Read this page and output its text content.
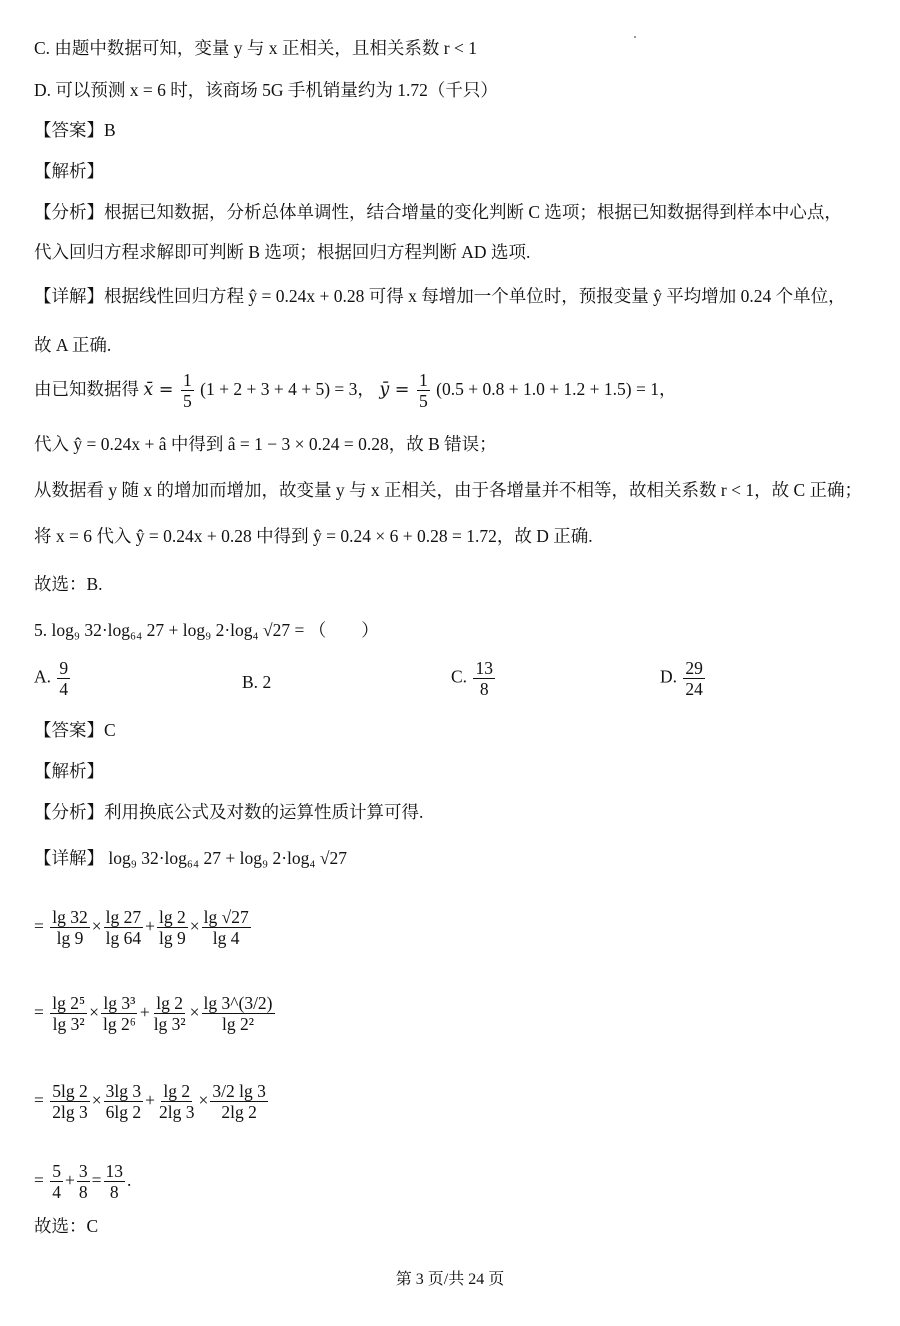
C. 由题中数据可知，变量 y 与 x 正相关，且相关系数 r < 1
D. 可以预测 x = 6 时，该商场 5G 手机销量约为 1.72（千只）
【答案】B
【解析】
【分析】根据已知数据，分析总体单调性，结合增量的变化判断 C 选项；根据已知数据得到样本中心点，
代入回归方程求解即可判断 B 选项；根据回归方程判断 AD 选项.
【详解】根据线性回归方程 ŷ = 0.24x + 0.28 可得 x 每增加一个单位时，预报变量 ŷ 平均增加 0.24 个单位，
故 A 正确.
由已知数据得 x̄ = $\frac{1}{5} (1 + 2 + 3 + 4 + 5) = 3$， ȳ = $\frac{1}{5} (0.5 + 0.8 + 1.0 + 1.2 + 1.5) = 1$，
代入 ŷ = 0.24x + â 中得到 â = 1 − 3 × 0.24 = 0.28，故 B 错误；
从数据看 y 随 x 的增加而增加，故变量 y 与 x 正相关，由于各增量并不相等，故相关系数 r < 1，故 C 正确；
将 x = 6 代入 ŷ = 0.24x + 0.28 中得到 ŷ = 0.24 × 6 + 0.28 = 1.72，故 D 正确.
故选：B.
5. log₉ 32·log₆₄ 27 + log₉ 2·log₄ √27 = （　　）
A. $\frac{9}{4}$	B. 2	C. $\frac{13}{8}$	D. $\frac{29}{24}$
【答案】C
【解析】
【分析】利用换底公式及对数的运算性质计算可得.
【详解】 log₉ 32·log₆₄ 27 + log₉ 2·log₄ √27
= $\frac{\lg 32}{\lg 9} \times \frac{\lg 27}{\lg 64} + \frac{\lg 2}{\lg 9} \times \frac{\lg √27}{\lg 4}$
= $\frac{\text{lg 2⁵}}{\text{lg 3²}} \times \frac{\text{lg 3³}}{\text{lg 2⁶}} + \frac{\lg 2}{\text{lg 3²}} \times \frac{\lg 3\^{}(3/2)}{\text{lg 2²}}$
= $\frac{5\lg 2}{2\lg 3} \times \frac{3\lg 3}{6\lg 2} + \frac{\lg 2}{2\lg 3} \times \frac{3/2 \lg 3}{2\lg 2}$
= $\frac{5}{4} + \frac{3}{8} = \frac{13}{8}$ .
故选：C
第 3 页/共 24 页
